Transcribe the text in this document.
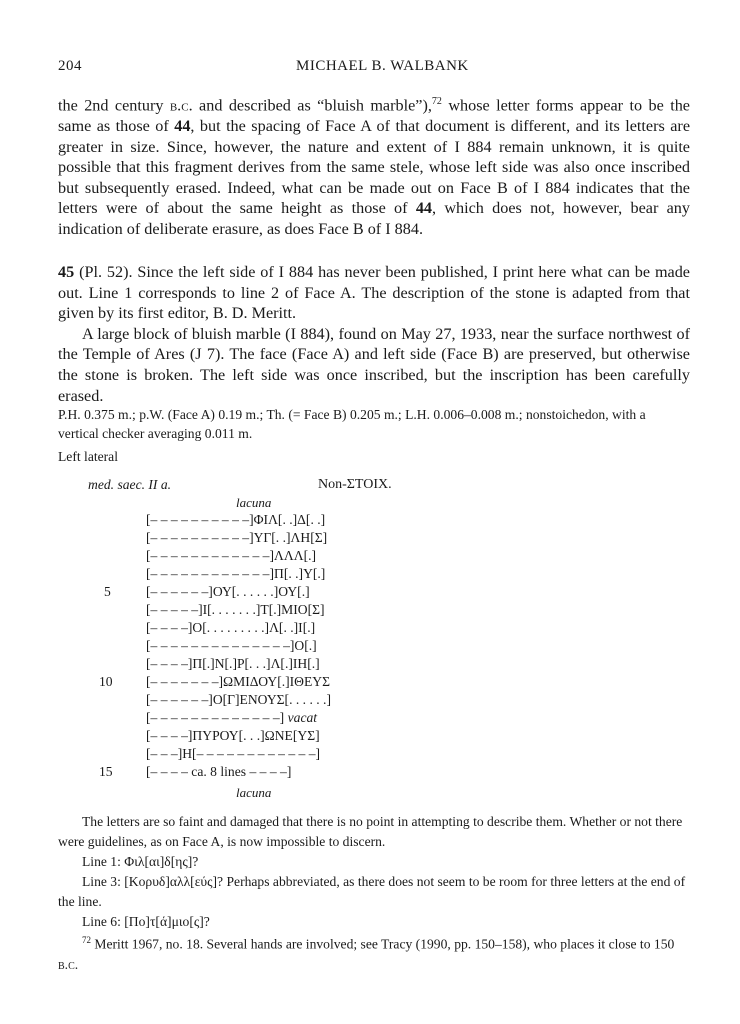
204	MICHAEL B. WALBANK

the 2nd century b.c. and described as “bluish marble”),$^{72}$ whose letter forms appear to be the same as those of 44, but the spacing of Face A of that document is different, and its letters are greater in size. Since, however, the nature and extent of I 884 remain unknown, it is quite possible that this fragment derives from the same stele, whose left side was also once inscribed but subsequently erased. Indeed, what can be made out on Face B of I 884 indicates that the letters were of about the same height as those of 44, which does not, however, bear any indication of deliberate erasure, as does Face B of I 884.

45 (Pl. 52). Since the left side of I 884 has never been published, I print here what can be made out. Line 1 corresponds to line 2 of Face A. The description of the stone is adapted from that given by its first editor, B. D. Meritt.

A large block of bluish marble (I 884), found on May 27, 1933, near the surface northwest of the Temple of Ares (J 7). The face (Face A) and left side (Face B) are preserved, but otherwise the stone is broken. The left side was once inscribed, but the inscription has been carefully erased.

P.H. 0.375 m.; p.W. (Face A) 0.19 m.; Th. (= Face B) 0.205 m.; L.H. 0.006–0.008 m.; nonstoichedon, with a vertical checker averaging 0.011 m.
Left lateral
med. saec. II a.	Non-ΣΤΟΙΧ.
lacuna
[– – – – – – – – – –]ΦΙΛ[. .]Δ[. .]
[– – – – – – – – – –]ΥΓ[. .]ΛΗ[Σ]
[– – – – – – – – – – – –]ΛΛΛ[.]
[– – – – – – – – – – – –]Π[. .]Υ[.]
[– – – – – –]ΟΥ[. . . . . .]ΟΥ[.]
[– – – – –]Ι[. . . . . . .]Τ[.]ΜΙΟ[Σ]
[– – – –]Ο[. . . . . . . . .]Λ[. .]Ι[.]
[– – – – – – – – – – – – – –]Ο[.]
[– – – –]Π[.]Ν[.]Ρ[. . .]Λ[.]ΙΗ[.]
[– – – – – – –]ΩΜΙΔΟΥ[.]ΙΘΕΥΣ
[– – – – – –]Ο[Γ]ΕΝΟΥΣ[. . . . . .]
[– – – – – – – – – – – – –] vacat
[– – – –]ΠΥΡΟΥ[. . .]ΩΝΕ[ΥΣ]
[– – –]Η[– – – – – – – – – – – –]
[– – – – ca. 8 lines – – – –]
5
10
15
lacuna
The letters are so faint and damaged that there is no point in attempting to describe them. Whether or not there were guidelines, as on Face A, is now impossible to discern.
Line 1: Φιλ[αι]δ[ης]?
Line 3: [Κορυδ]αλλ[εύς]? Perhaps abbreviated, as there does not seem to be room for three letters at the end of the line.
Line 6: [Πο]τ[ά]μιο[ς]?
$^{72}$ Meritt 1967, no. 18. Several hands are involved; see Tracy (1990, pp. 150–158), who places it close to 150 b.c.
